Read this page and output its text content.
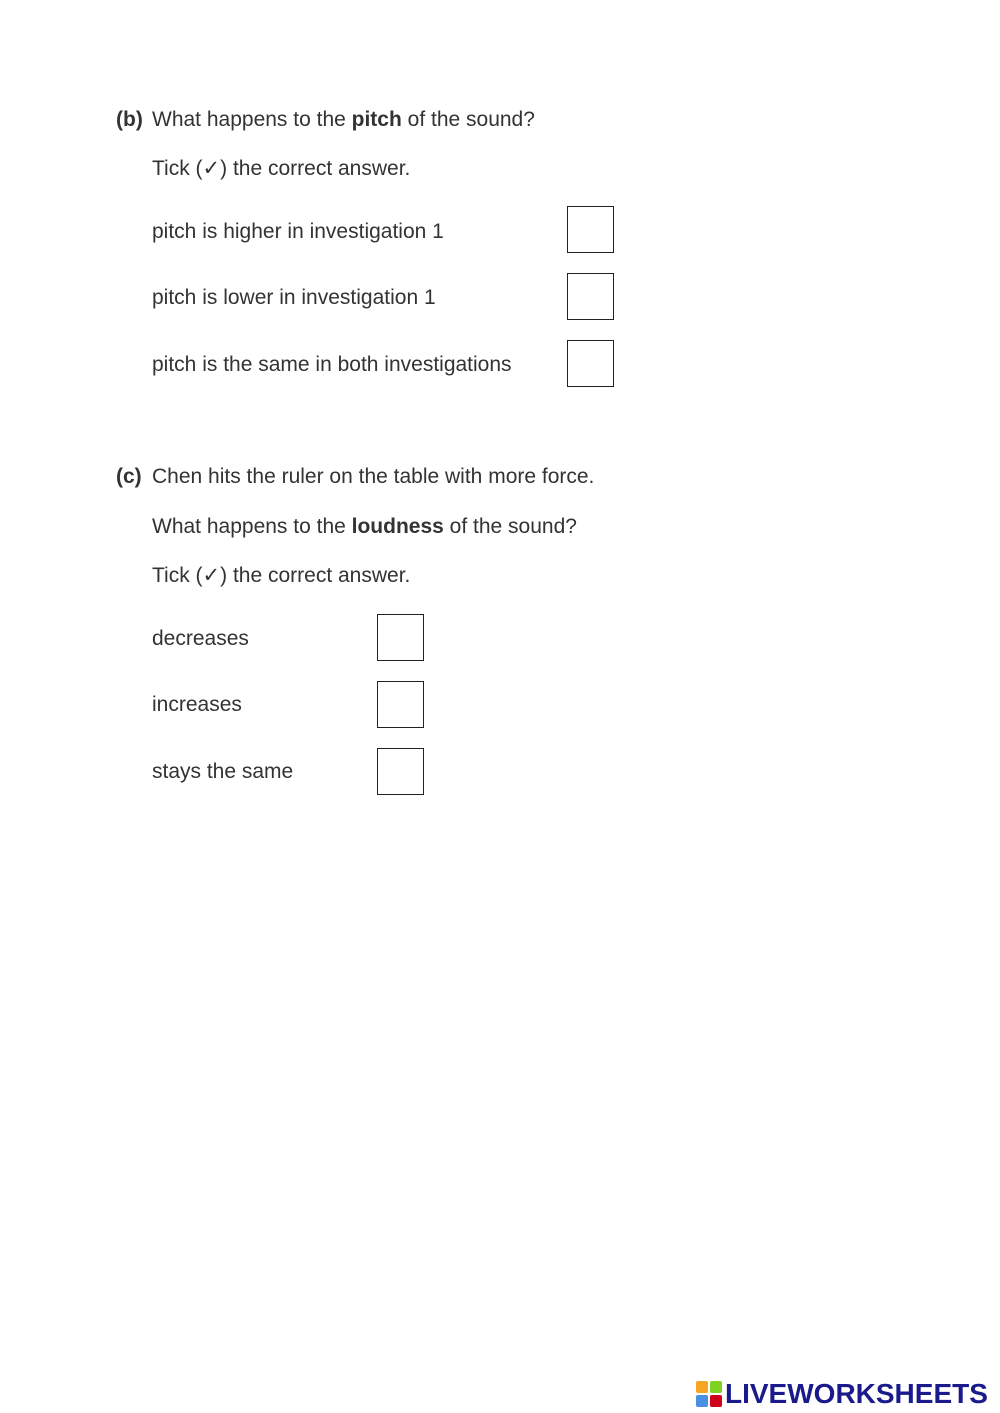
(b) What happens to the pitch of the sound?
Tick (✓) the correct answer.
pitch is higher in investigation 1
pitch is lower in investigation 1
pitch is the same in both investigations
(c) Chen hits the ruler on the table with more force.
What happens to the loudness of the sound?
Tick (✓) the correct answer.
decreases
increases
stays the same
LIVEWORKSHEETS
